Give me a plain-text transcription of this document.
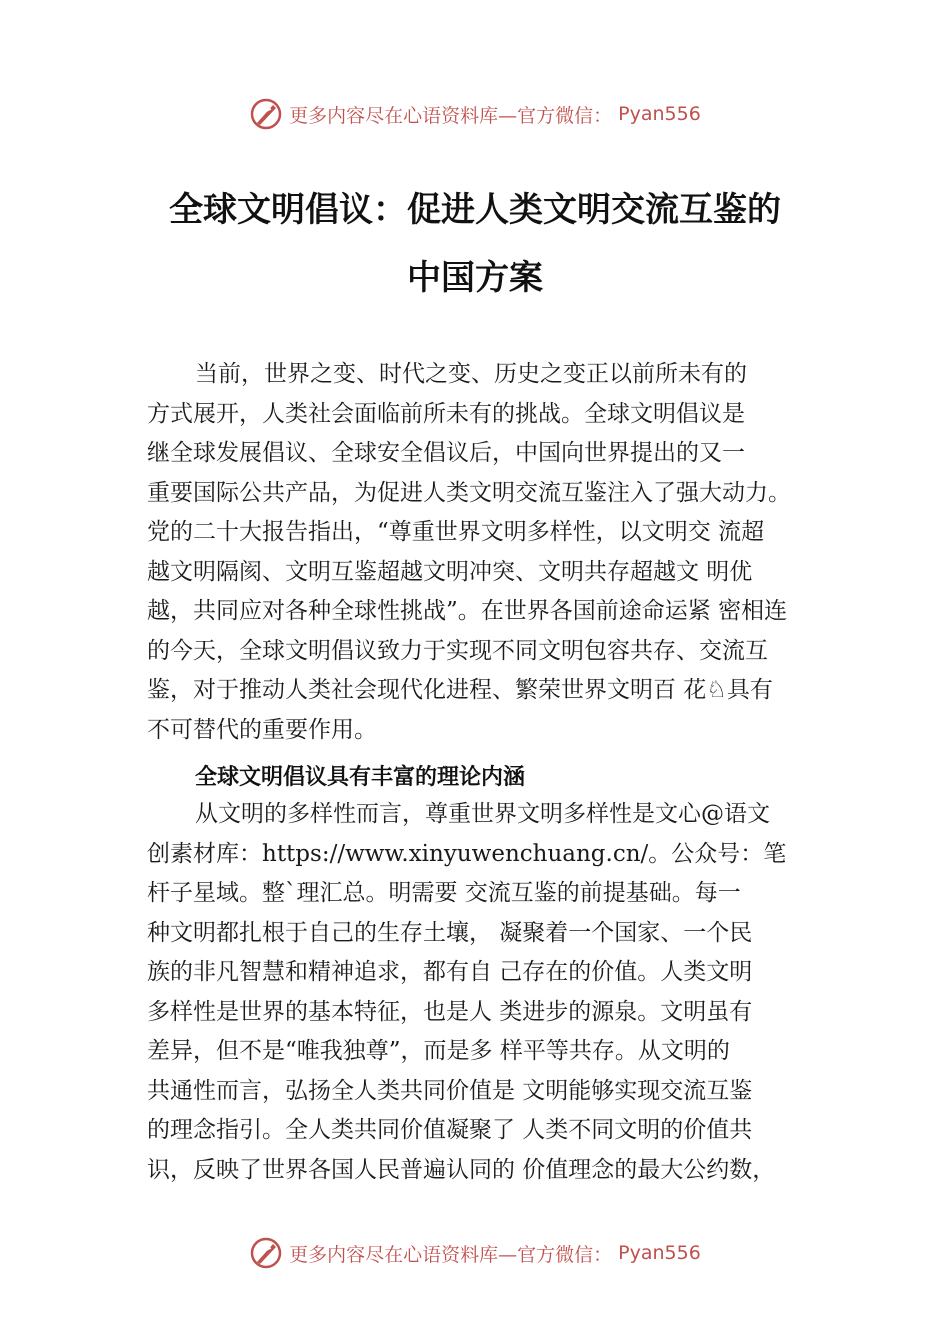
更多内容尽在心语资料库—官方微信： Pyan556
全球文明倡议：促进人类文明交流互鉴的
中国方案
当前，世界之变、时代之变、历史之变正以前所未有的
方式展开，人类社会面临前所未有的挑战。全球文明倡议是
继全球发展倡议、全球安全倡议后，中国向世界提出的又一
重要国际公共产品，为促进人类文明交流互鉴注入了强大动力。
党的二十大报告指出，“尊重世界文明多样性，以文明交 流超
越文明隔阂、文明互鉴超越文明冲突、文明共存超越文 明优
越，共同应对各种全球性挑战”。在世界各国前途命运紧 密相连
的今天，全球文明倡议致力于实现不同文明包容共存、交流互
鉴，对于推动人类社会现代化进程、繁荣世界文明百 花♘具有
不可替代的重要作用。
全球文明倡议具有丰富的理论内涵
从文明的多样性而言，尊重世界文明多样性是文心@语文
创素材库：https://www.xinyuwenchuang.cn/。公众号：笔
杆子星域。整`理汇总。明需要 交流互鉴的前提基础。每一
种文明都扎根于自己的生存土壤， 凝聚着一个国家、一个民
族的非凡智慧和精神追求，都有自 己存在的价值。人类文明
多样性是世界的基本特征，也是人 类进步的源泉。文明虽有
差异，但不是“唯我独尊”，而是多 样平等共存。从文明的
共通性而言，弘扬全人类共同价值是 文明能够实现交流互鉴
的理念指引。全人类共同价值凝聚了 人类不同文明的价值共
识，反映了世界各国人民普遍认同的 价值理念的最大公约数，
更多内容尽在心语资料库—官方微信： Pyan556
